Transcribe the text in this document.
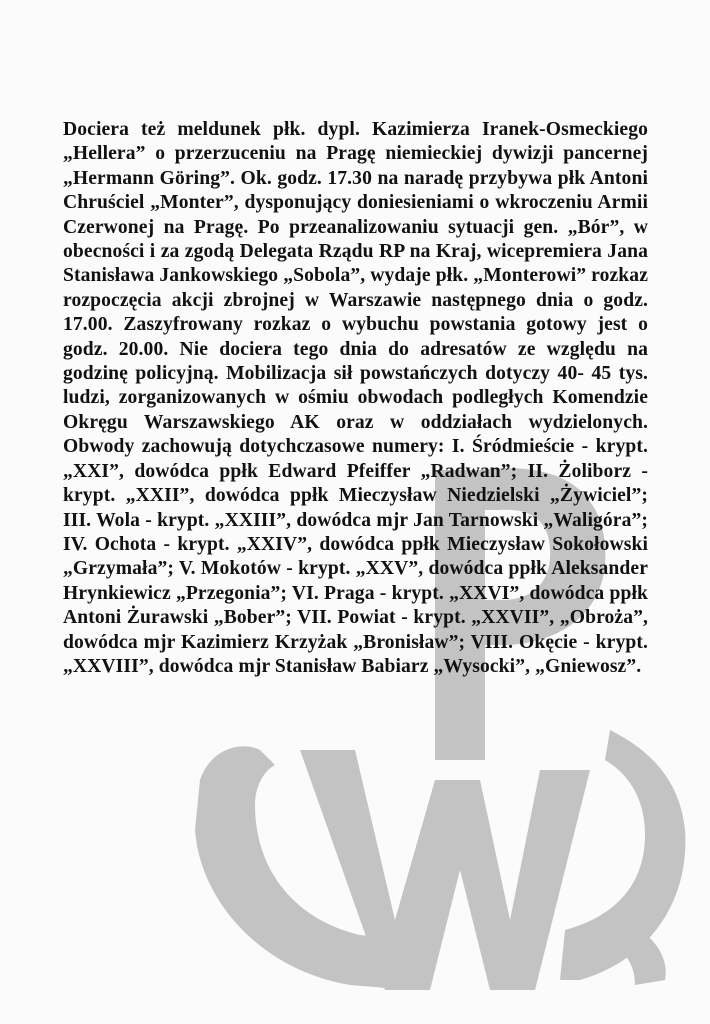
Dociera też meldunek płk. dypl. Kazimierza Iranek-Osmeckiego „Hellera” o przerzuceniu na Pragę niemieckiej dywizji pancernej „Hermann Göring”. Ok. godz. 17.30 na naradę przybywa płk Antoni Chruściel „Monter”, dysponujący doniesieniami o wkroczeniu Armii Czerwonej na Pragę. Po przeanalizowaniu sytuacji gen. „Bór”, w obecności i za zgodą Delegata Rządu RP na Kraj, wicepremiera Jana Stanisława Jankowskiego „Sobola”, wydaje płk. „Monterowi” rozkaz rozpoczęcia akcji zbrojnej w Warszawie następnego dnia o godz. 17.00. Zaszyfrowany rozkaz o wybuchu powstania gotowy jest o godz. 20.00. Nie dociera tego dnia do adresatów ze względu na godzinę policyjną. Mobilizacja sił powstańczych dotyczy 40- 45 tys. ludzi, zorganizowanych w ośmiu obwodach podległych Komendzie Okręgu Warszawskiego AK oraz w oddziałach wydzielonych. Obwody zachowują dotychczasowe numery: I. Śródmieście - krypt. „XXI”, dowódca ppłk Edward Pfeiffer „Radwan”; II. Żoliborz - krypt. „XXII”, dowódca ppłk Mieczysław Niedzielski „Żywiciel”; III. Wola - krypt. „XXIII”, dowódca mjr Jan Tarnowski „Waligóra”; IV. Ochota - krypt. „XXIV”, dowódca ppłk Mieczysław Sokołowski „Grzymała”; V. Mokotów - krypt. „XXV”, dowódca ppłk Aleksander Hrynkiewicz „Przegonia”; VI. Praga - krypt. „XXVI”, dowódca ppłk Antoni Żurawski „Bober”; VII. Powiat - krypt. „XXVII”, „Obroża”, dowódca mjr Kazimierz Krzyżak „Bronisław”; VIII. Okęcie - krypt. „XXVIII”, dowódca mjr Stanisław Babiarz „Wysocki”, „Gniewosz”.
